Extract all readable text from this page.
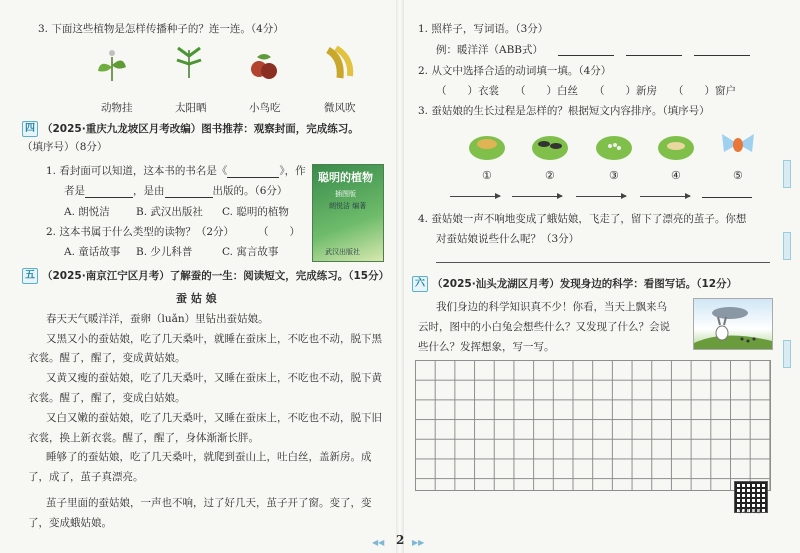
3. 下面这些植物是怎样传播种子的？连一连。（4分）
动物挂	太阳晒	小鸟吃	微风吹
四 （2025·重庆九龙坡区月考改编）图书推荐：观察封面，完成练习。
（填序号）（8分）
1. 看封面可以知道，这本书的书名是《	》，作
者是	，是由	出版的。（6分）
A. 朗悦洁 B. 武汉出版社 C. 聪明的植物
2. 这本书属于什么类型的读物？（2分） （　　）
A. 童话故事 B. 少儿科普	C. 寓言故事
聪明的植物
插图版
朗悦洁 编著
武汉出版社
五 （2025·南京江宁区月考）了解蚕的一生：阅读短文，完成练习。（15分）
蚕 姑 娘
春天天气暖洋洋，蚕卵（luǎn）里钻出蚕姑娘。
又黑又小的蚕姑娘，吃了几天桑叶，就睡在蚕床上，不吃也不动，脱下黑
衣裳。醒了，醒了，变成黄姑娘。
又黄又瘦的蚕姑娘，吃了几天桑叶，又睡在蚕床上，不吃也不动，脱下黄
衣裳。醒了，醒了，变成白姑娘。
又白又嫩的蚕姑娘，吃了几天桑叶，又睡在蚕床上，不吃也不动，脱下旧
衣裳，换上新衣裳。醒了，醒了，身体渐渐长胖。
睡够了的蚕姑娘，吃了几天桑叶，就爬到蚕山上，吐白丝，盖新房。成
了，成了，茧子真漂亮。
茧子里面的蚕姑娘，一声也不响，过了好几天，茧子开了窗。变了，变
了，变成蛾姑娘。
1. 照样子，写词语。（3分）
例：暖洋洋（ABB式）
2. 从文中选择合适的动词填一填。（4分）
（　　）衣裳 （　　）白丝 （　　）新房 （　　）窗户
3. 蚕姑娘的生长过程是怎样的？根据短文内容排序。（填序号）
①	②	③	④	⑤
4. 蚕姑娘一声不响地变成了蛾姑娘，飞走了，留下了漂亮的茧子。你想
对蚕姑娘说些什么呢？（3分）
六 （2025·汕头龙湖区月考）发现身边的科学：看图写话。（12分）
我们身边的科学知识真不少！你看，当天上飘来乌
云时，图中的小白兔会想些什么？又发现了什么？会说
些什么？发挥想象，写一写。
专项训练
◀◀ 2 ▶▶
